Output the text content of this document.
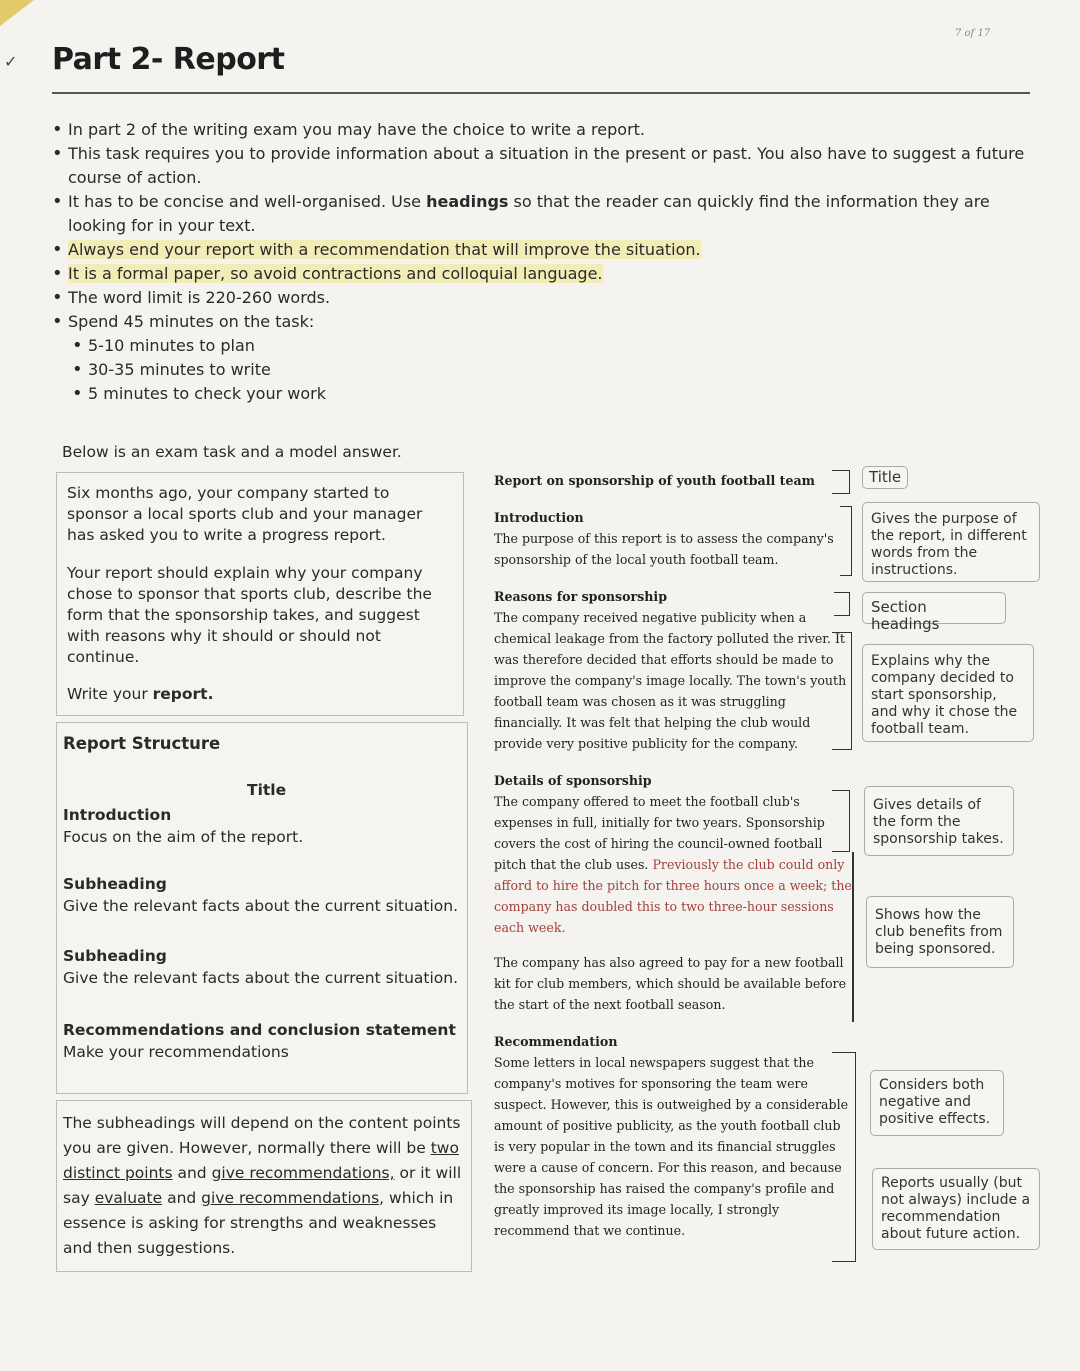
✓
7 of 17
Part 2- Report
• In part 2 of the writing exam you may have the choice to write a report.
• This task requires you to provide information about a situation in the present or past. You also have to suggest a future course of action.
• It has to be concise and well-organised. Use headings so that the reader can quickly find the information they are looking for in your text.
• Always end your report with a recommendation that will improve the situation.
• It is a formal paper, so avoid contractions and colloquial language.
• The word limit is 220-260 words.
• Spend 45 minutes on the task:
• 5-10 minutes to plan
• 30-35 minutes to write
• 5 minutes to check your work
Below is an exam task and a model answer.

Six months ago, your company started to sponsor a local sports club and your manager has asked you to write a progress report.

Your report should explain why your company chose to sponsor that sports club, describe the form that the sponsorship takes, and suggest with reasons why it should or should not continue.

Write your report.

Report Structure
Title
Introduction
Focus on the aim of the report.
Subheading
Give the relevant facts about the current situation.
Subheading
Give the relevant facts about the current situation.
Recommendations and conclusion statement
Make your recommendations
The subheadings will depend on the content points you are given. However, normally there will be two distinct points and give recommendations, or it will say evaluate and give recommendations, which in essence is asking for strengths and weaknesses and then suggestions.
Report on sponsorship of youth football team
Introduction
The purpose of this report is to assess the company's sponsorship of the local youth football team.
Reasons for sponsorship
The company received negative publicity when a chemical leakage from the factory polluted the river. It was therefore decided that efforts should be made to improve the company's image locally. The town's youth football team was chosen as it was struggling financially. It was felt that helping the club would provide very positive publicity for the company.
Details of sponsorship
The company offered to meet the football club's expenses in full, initially for two years. Sponsorship covers the cost of hiring the council-owned football pitch that the club uses. Previously the club could only afford to hire the pitch for three hours once a week; the company has doubled this to two three-hour sessions each week.
The company has also agreed to pay for a new football kit for club members, which should be available before the start of the next football season.
Recommendation
Some letters in local newspapers suggest that the company's motives for sponsoring the team were suspect. However, this is outweighed by a considerable amount of positive publicity, as the youth football club is very popular in the town and its financial struggles were a cause of concern. For this reason, and because the sponsorship has raised the company's profile and greatly improved its image locally, I strongly recommend that we continue.
Title
Gives the purpose of the report, in different words from the instructions.
Section headings
Explains why the company decided to start sponsorship, and why it chose the football team.
Gives details of the form the sponsorship takes.
Shows how the club benefits from being sponsored.
Considers both negative and positive effects.
Reports usually (but not always) include a recommendation about future action.
